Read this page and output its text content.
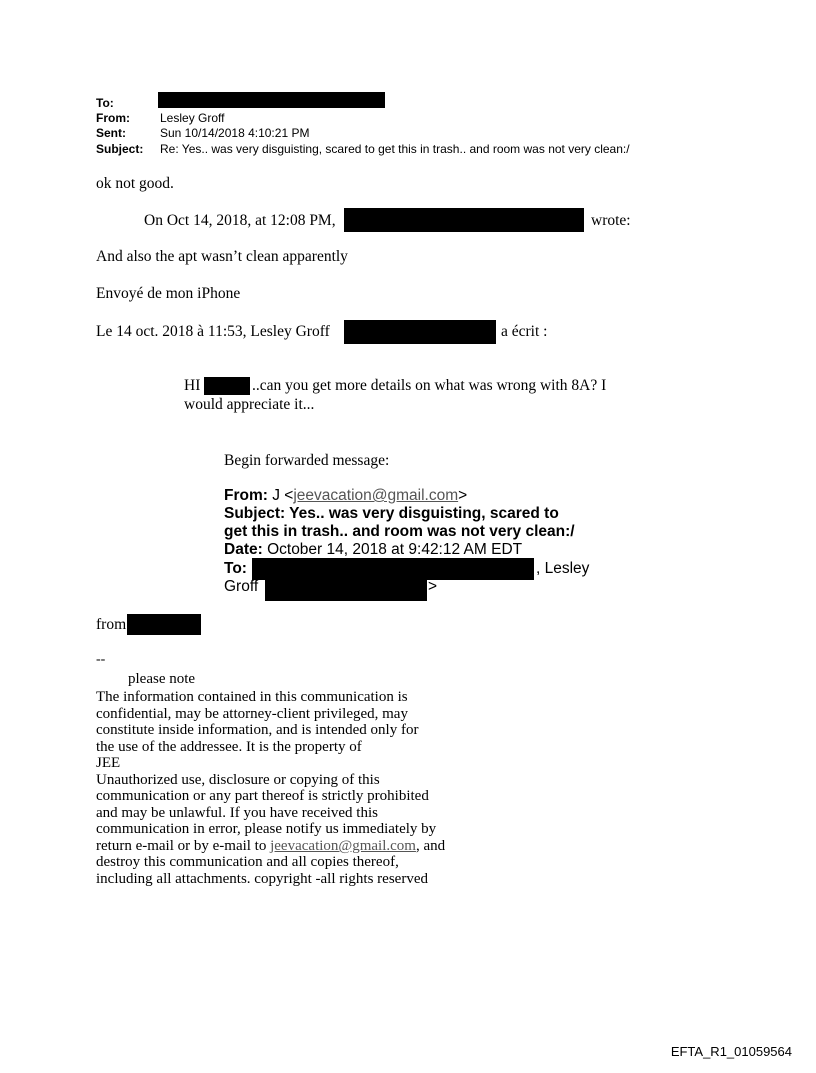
To:
From:	Lesley Groff
Sent:	Sun 10/14/2018 4:10:21 PM
Subject: Re: Yes.. was very disguisting, scared to get this in trash.. and room was not very clean:/
ok not good.
On Oct 14, 2018, at 12:08 PM,	wrote:
And also the apt wasn’t clean apparently
Envoyé de mon iPhone
Le 14 oct. 2018 à 11:53, Lesley Groff	a écrit :
HI	..can you get more details on what was wrong with 8A? I
would appreciate it...
Begin forwarded message:
From: J <jeevacation@gmail.com>
Subject: Yes.. was very disguisting, scared to
get this in trash.. and room was not very clean:/
Date: October 14, 2018 at 9:42:12 AM EDT
To:	, Lesley
Groff	>
from
--
please note
The information contained in this communication is
confidential, may be attorney-client privileged, may
constitute inside information, and is intended only for
the use of the addressee. It is the property of
JEE
Unauthorized use, disclosure or copying of this
communication or any part thereof is strictly prohibited
and may be unlawful. If you have received this
communication in error, please notify us immediately by
return e-mail or by e-mail to jeevacation@gmail.com, and
destroy this communication and all copies thereof,
including all attachments. copyright -all rights reserved
EFTA_R1_01059564
